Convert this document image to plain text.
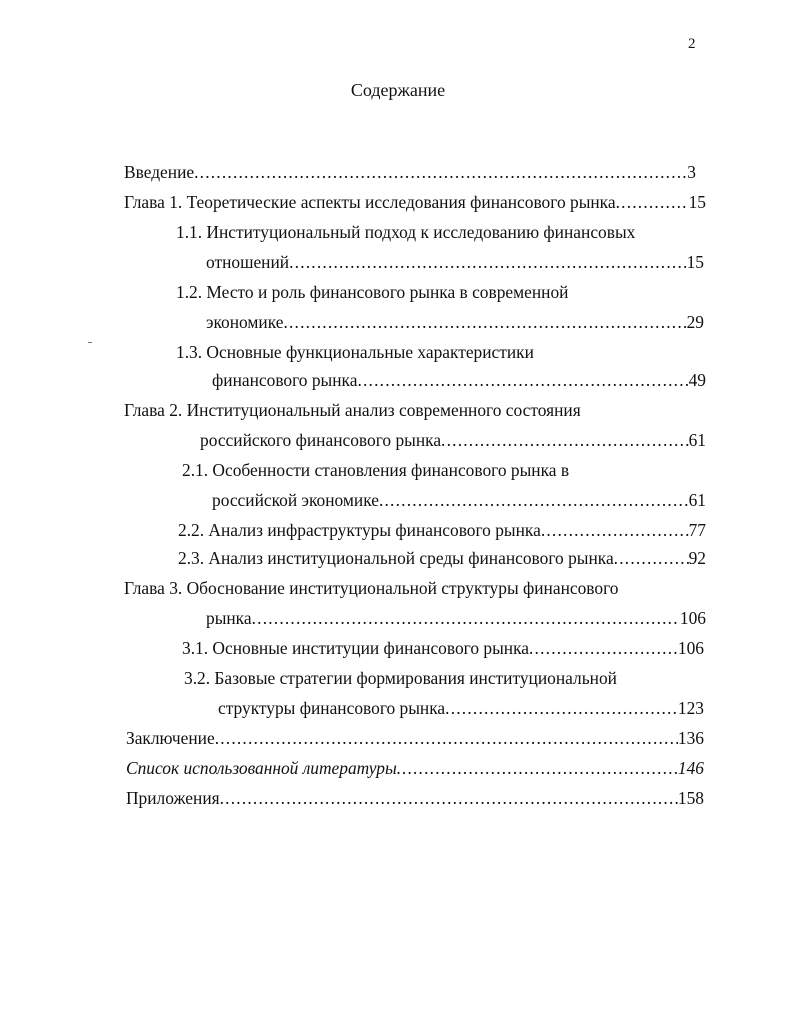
2
Содержание
Введение .....	3
Глава 1. Теоретические аспекты исследования финансового рынка .....	15
1.1. Институциональный подход к исследованию финансовых
отношений .....	15
1.2. Место и роль финансового рынка в современной
экономике .....	29
1.3. Основные функциональные характеристики
финансового рынка .....	49
Глава 2. Институциональный анализ современного состояния
российского финансового рынка .....	61
2.1. Особенности становления финансового рынка в
российской экономике .....	61
2.2. Анализ инфраструктуры финансового рынка .....	77
2.3. Анализ институциональной среды финансового рынка .....	92
Глава 3. Обоснование институциональной структуры финансового
рынка .....	106
3.1. Основные институции финансового рынка .....	106
3.2. Базовые стратегии формирования институциональной
структуры финансового рынка .....	123
Заключение .....	136
Список использованной литературы .....	146
Приложения .....	158
